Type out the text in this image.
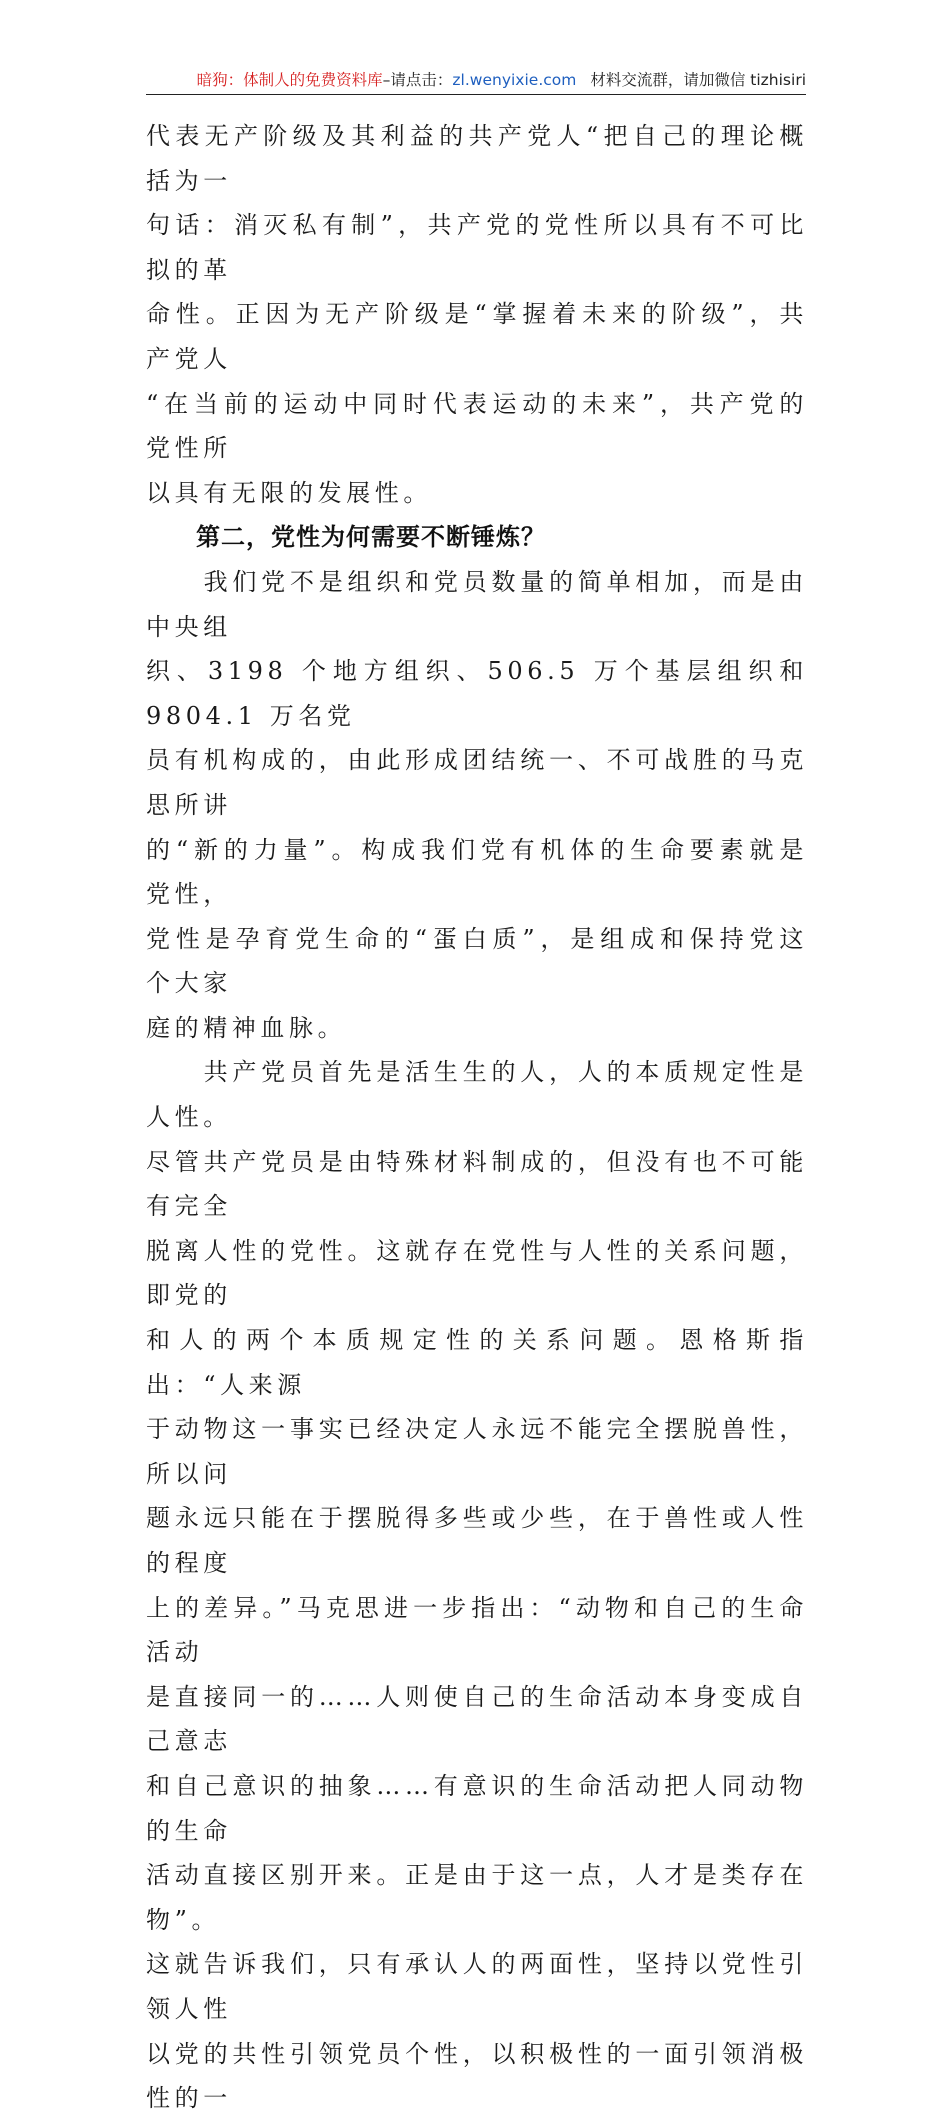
暗狗：体制人的免费资料库–请点击：zl.wenyixie.com 材料交流群，请加微信 tizhisiri

代表无产阶级及其利益的共产党人“把自己的理论概括为一
句话：消灭私有制”，共产党的党性所以具有不可比拟的革
命性。正因为无产阶级是“掌握着未来的阶级”，共产党人
“在当前的运动中同时代表运动的未来”，共产党的党性所
以具有无限的发展性。

第二，党性为何需要不断锤炼？

　　我们党不是组织和党员数量的简单相加，而是由中央组
织、3198 个地方组织、506.5 万个基层组织和 9804.1 万名党
员有机构成的，由此形成团结统一、不可战胜的马克思所讲
的“新的力量”。构成我们党有机体的生命要素就是党性，
党性是孕育党生命的“蛋白质”，是组成和保持党这个大家
庭的精神血脉。

　　共产党员首先是活生生的人，人的本质规定性是人性。
尽管共产党员是由特殊材料制成的，但没有也不可能有完全
脱离人性的党性。这就存在党性与人性的关系问题，即党的
和人的两个本质规定性的关系问题。恩格斯指出：“人来源
于动物这一事实已经决定人永远不能完全摆脱兽性，所以问
题永远只能在于摆脱得多些或少些，在于兽性或人性的程度
上的差异。”马克思进一步指出：“动物和自己的生命活动
是直接同一的……人则使自己的生命活动本身变成自己意志
和自己意识的抽象……有意识的生命活动把人同动物的生命
活动直接区别开来。正是由于这一点，人才是类存在物”。
这就告诉我们，只有承认人的两面性，坚持以党性引领人性
以党的共性引领党员个性，以积极性的一面引领消极性的一
